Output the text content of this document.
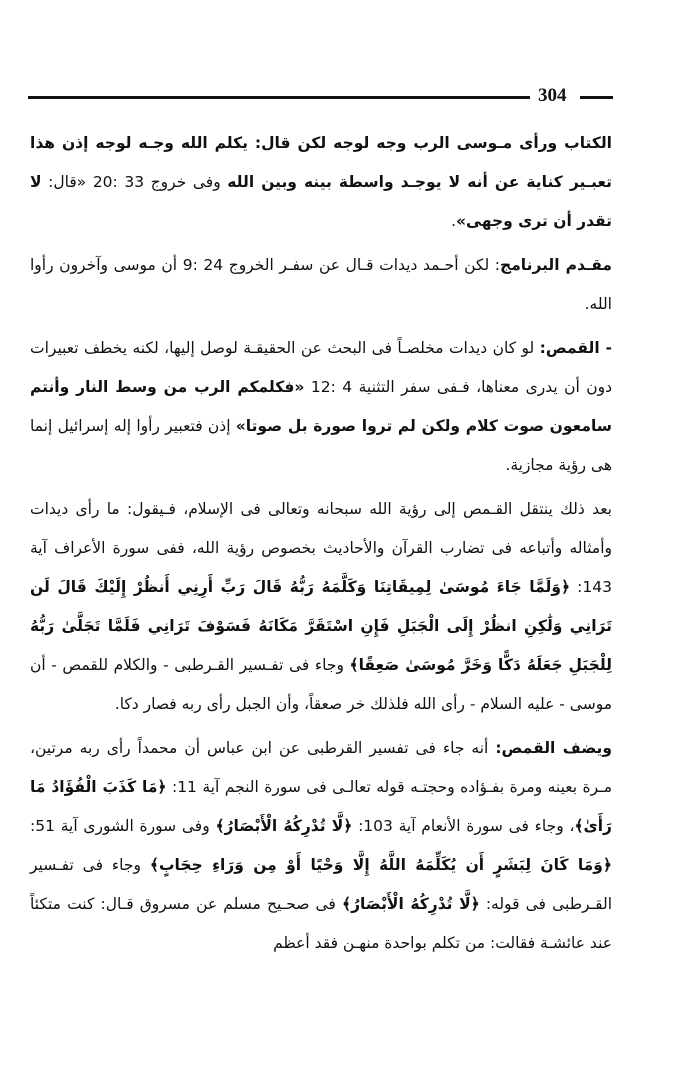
304

الكتاب ورأى مـوسى الرب وجه لوجه لكن قال: يكلم الله وجـه لوجه إذن هذا تعبـير كناية عن أنه لا يوجـد واسطة بينه وبين الله وفى خروج 33 :20 «قال: لا تقدر أن ترى وجهى».

مقـدم البرنامج: لكن أحـمد ديدات قـال عن سفـر الخروج 24 :9 أن موسى وآخرون رأوا الله.

- القمص: لو كان ديدات مخلصـاً فى البحث عن الحقيقـة لوصل إليها، لكنه يخطف تعبيرات دون أن يدرى معناها، فـفى سفر التثنية 4 :12 «فكلمكم الرب من وسط النار وأنتم سامعون صوت كلام ولكن لم تروا صورة بل صوتا» إذن فتعبير رأوا إله إسرائيل إنما هى رؤية مجازية.

بعد ذلك ينتقل القـمص إلى رؤية الله سبحانه وتعالى فى الإسلام، فـيقول: ما رأى ديدات وأمثاله وأتباعه فى تضارب القرآن والأحاديث بخصوص رؤية الله، ففى سورة الأعراف آية 143: ﴿وَلَمَّا جَاءَ مُوسَىٰ لِمِيقَاتِنَا وَكَلَّمَهُ رَبُّهُ قَالَ رَبِّ أَرِنِي أَنظُرْ إِلَيْكَ قَالَ لَن تَرَانِي وَلَٰكِنِ انظُرْ إِلَى الْجَبَلِ فَإِنِ اسْتَقَرَّ مَكَانَهُ فَسَوْفَ تَرَانِي فَلَمَّا تَجَلَّىٰ رَبُّهُ لِلْجَبَلِ جَعَلَهُ دَكًّا وَخَرَّ مُوسَىٰ صَعِقًا﴾ وجاء فى تفـسير القـرطبى - والكلام للقمص - أن موسى - عليه السلام - رأى الله فلذلك خر صعقاً، وأن الجبل رأى ربه فصار دكا.

ويضف القمص: أنه جاء فى تفسير القرطبى عن ابن عباس أن محمداً رأى ربه مرتين، مـرة بعينه ومرة بفـؤاده وحجتـه قوله تعالـى فى سورة النجم آية 11: ﴿مَا كَذَبَ الْفُؤَادُ مَا رَأَىٰ﴾، وجاء فى سورة الأنعام آية 103: ﴿لَّا تُدْرِكُهُ الْأَبْصَارُ﴾ وفى سورة الشورى آية 51: ﴿وَمَا كَانَ لِبَشَرٍ أَن يُكَلِّمَهُ اللَّهُ إِلَّا وَحْيًا أَوْ مِن وَرَاءِ حِجَابٍ﴾ وجاء فى تفـسير القـرطبى فى قوله: ﴿لَّا تُدْرِكُهُ الْأَبْصَارُ﴾ فى صحـيح مسلم عن مسروق قـال: كنت متكئاً عند عائشـة فقالت: من تكلم بواحدة منهـن فقد أعظم
